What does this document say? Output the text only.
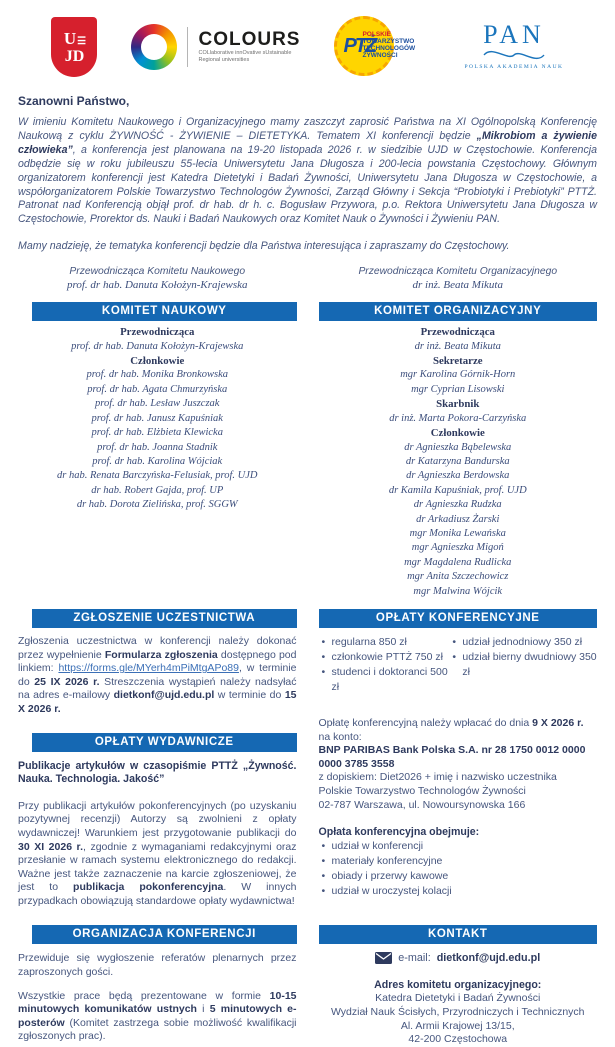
U☰
JD
COLOURS
COLlaborative innOvative sUstainable
Regional universities
PTŻ
POLSKIE
TOWARZYSTWO
TECHNOLOGÓW
ŻYWNOŚCI
PAN
POLSKA AKADEMIA NAUK
Szanowni Państwo,
W imieniu Komitetu Naukowego i Organizacyjnego mamy zaszczyt zaprosić Państwa na XI Ogólnopolską Konferencję Naukową z cyklu ŻYWNOŚĆ - ŻYWIENIE – DIETETYKA. Tematem XI konferencji będzie „Mikrobiom a żywienie człowieka”, a konferencja jest planowana na 19-20 listopada 2026 r. w siedzibie UJD w Częstochowie. Konferencja odbędzie się w roku jubileuszu 55-lecia Uniwersytetu Jana Długosza i 200-lecia powstania Częstochowy. Głównym organizatorem konferencji jest Katedra Dietetyki i Badań Żywności, Uniwersytetu Jana Długosza w Częstochowie, a współorganizatorem Polskie Towarzystwo Technologów Żywności, Zarząd Główny i Sekcja “Probiotyki i Prebiotyki” PTTŻ. Patronat nad Konferencją objął prof. dr hab. dr h. c. Bogusław Przywora, p.o. Rektora Uniwersytetu Jana Długosza w Częstochowie, Prorektor ds. Nauki i Badań Naukowych oraz Komitet Nauk o Żywności i Żywieniu PAN.
Mamy nadzieję, że tematyka konferencji będzie dla Państwa interesująca i zapraszamy do Częstochowy.
Przewodnicząca Komitetu Naukowego
prof. dr hab. Danuta Kołożyn-Krajewska
Przewodnicząca Komitetu Organizacyjnego
dr inż. Beata Mikuta
KOMITET NAUKOWY	KOMITET ORGANIZACYJNY
Przewodnicząca
prof. dr hab. Danuta Kołożyn-Krajewska
Członkowie
prof. dr hab. Monika Bronkowska
prof. dr hab. Agata Chmurzyńska
prof. dr hab. Lesław Juszczak
prof. dr hab. Janusz Kapuśniak
prof. dr hab. Elżbieta Klewicka
prof. dr hab. Joanna Stadnik
prof. dr hab. Karolina Wójciak
dr hab. Renata Barczyńska-Felusiak, prof. UJD
dr hab. Robert Gajda, prof. UP
dr hab. Dorota Zielińska, prof. SGGW
Przewodnicząca
dr inż. Beata Mikuta
Sekretarze
mgr Karolina Górnik-Horn
mgr Cyprian Lisowski
Skarbnik
dr inż. Marta Pokora-Carzyńska
Członkowie
dr Agnieszka Bąbelewska
dr Katarzyna Bandurska
dr Agnieszka Berdowska
dr Kamila Kapuśniak, prof. UJD
dr Agnieszka Rudzka
dr Arkadiusz Żarski
mgr Monika Lewańska
mgr Agnieszka Migoń
mgr Magdalena Rudlicka
mgr Anita Szczechowicz
mgr Malwina Wójcik
ZGŁOSZENIE UCZESTNICTWA	OPŁATY KONFERENCYJNE
Zgłoszenia uczestnictwa w konferencji należy dokonać przez wypełnienie Formularza zgłoszenia dostępnego pod linkiem: https://forms.gle/MYerh4mPiMtgAPo89, w terminie do 25 IX 2026 r. Streszczenia wystąpień należy nadsyłać na adres e-mailowy dietkonf@ujd.edu.pl w terminie do 15 X 2026 r.
OPŁATY WYDAWNICZE
Publikacje artykułów w czasopiśmie PTTŻ „Żywność. Nauka. Technologia. Jakość”
Przy publikacji artykułów pokonferencyjnych (po uzyskaniu pozytywnej recenzji) Autorzy są zwolnieni z opłaty wydawniczej! Warunkiem jest przygotowanie publikacji do 30 XI 2026 r., zgodnie z wymaganiami redakcyjnymi oraz przesłanie w ramach systemu elektronicznego do redakcji. Ważne jest także zaznaczenie na karcie zgłoszeniowej, że jest to publikacja pokonferencyjna. W innych przypadkach obowiązują standardowe opłaty wydawnictwa!
• regularna 850 zł
• członkowie PTTŻ 750 zł
• studenci i doktoranci 500 zł
• udział jednodniowy 350 zł
• udział bierny dwudniowy 350 zł
Opłatę konferencyjną należy wpłacać do dnia 9 X 2026 r. na konto:
BNP PARIBAS Bank Polska S.A. nr 28 1750 0012 0000 0000 3785 3558
z dopiskiem: Diet2026 + imię i nazwisko uczestnika
Polskie Towarzystwo Technologów Żywności
02-787 Warszawa, ul. Nowoursynowska 166
Opłata konferencyjna obejmuje:
• udział w konferencji
• materiały konferencyjne
• obiady i przerwy kawowe
• udział w uroczystej kolacji
ORGANIZACJA KONFERENCJI	KONTAKT
Przewiduje się wygłoszenie referatów plenarnych przez zaproszonych gości.
Wszystkie prace będą prezentowane w formie 10-15 minutowych komunikatów ustnych i 5 minutowych e-posterów (Komitet zastrzega sobie możliwość kwalifikacji zgłoszonych prac).
e-mail: dietkonf@ujd.edu.pl
Adres komitetu organizacyjnego:
Katedra Dietetyki i Badań Żywności
Wydział Nauk Ścisłych, Przyrodniczych i Technicznych
Al. Armii Krajowej 13/15,
42-200 Częstochowa
